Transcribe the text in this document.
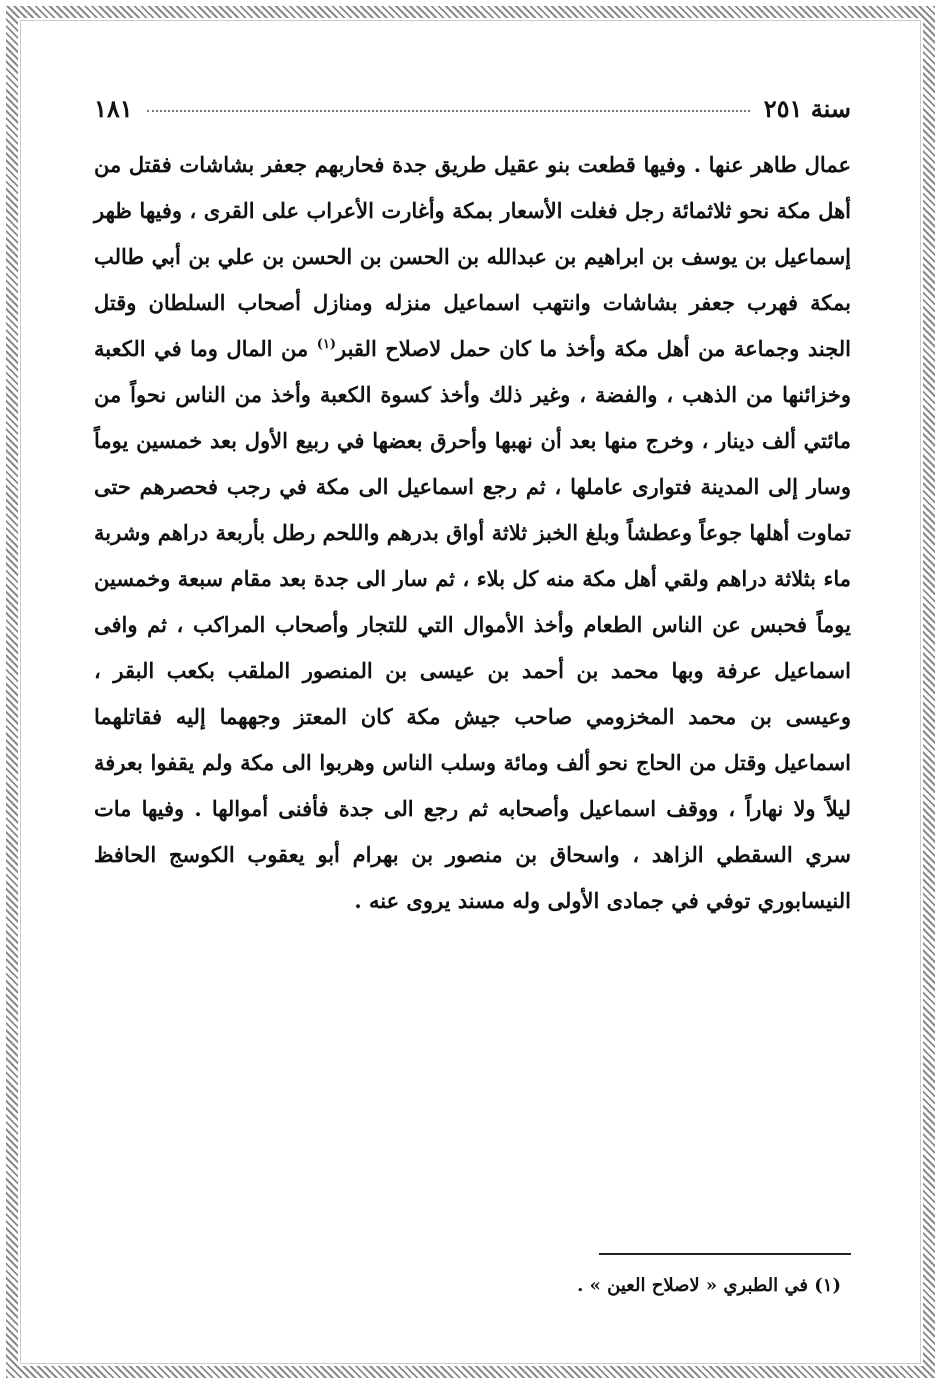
سنة ٢٥١
١٨١

عمال طاهر عنها . وفيها قطعت بنو عقيل طريق جدة فحاربهم جعفر بشاشات فقتل من أهل مكة نحو ثلاثمائة رجل فغلت الأسعار بمكة وأغارت الأعراب على القرى ، وفيها ظهر إسماعيل بن يوسف بن ابراهيم بن عبدالله بن الحسن بن الحسن بن علي بن أبي طالب بمكة فهرب جعفر بشاشات وانتهب اسماعيل منزله ومنازل أصحاب السلطان وقتل الجند وجماعة من أهل مكة وأخذ ما كان حمل لاصلاح القبر$^{(١)}$ من المال وما في الكعبة وخزائنها من الذهب ، والفضة ، وغير ذلك وأخذ كسوة الكعبة وأخذ من الناس نحواً من مائتي ألف دينار ، وخرج منها بعد أن نهبها وأحرق بعضها في ربيع الأول بعد خمسين يوماً وسار إلى المدينة فتوارى عاملها ، ثم رجع اسماعيل الى مكة في رجب فحصرهم حتى تماوت أهلها جوعاً وعطشاً وبلغ الخبز ثلاثة أواق بدرهم واللحم رطل بأربعة دراهم وشربة ماء بثلاثة دراهم ولقي أهل مكة منه كل بلاء ، ثم سار الى جدة بعد مقام سبعة وخمسين يوماً فحبس عن الناس الطعام وأخذ الأموال التي للتجار وأصحاب المراكب ، ثم وافى اسماعيل عرفة وبها محمد بن أحمد بن عيسى بن المنصور الملقب بكعب البقر ، وعيسى بن محمد المخزومي صاحب جيش مكة كان المعتز وجههما إليه فقاتلهما اسماعيل وقتل من الحاج نحو ألف ومائة وسلب الناس وهربوا الى مكة ولم يقفوا بعرفة ليلاً ولا نهاراً ، ووقف اسماعيل وأصحابه ثم رجع الى جدة فأفنى أموالها . وفيها مات سري السقطي الزاهد ، واسحاق بن منصور بن بهرام أبو يعقوب الكوسج الحافظ النيسابوري توفي في جمادى الأولى وله مسند يروى عنه .

(١) في الطبري « لاصلاح العين » .
